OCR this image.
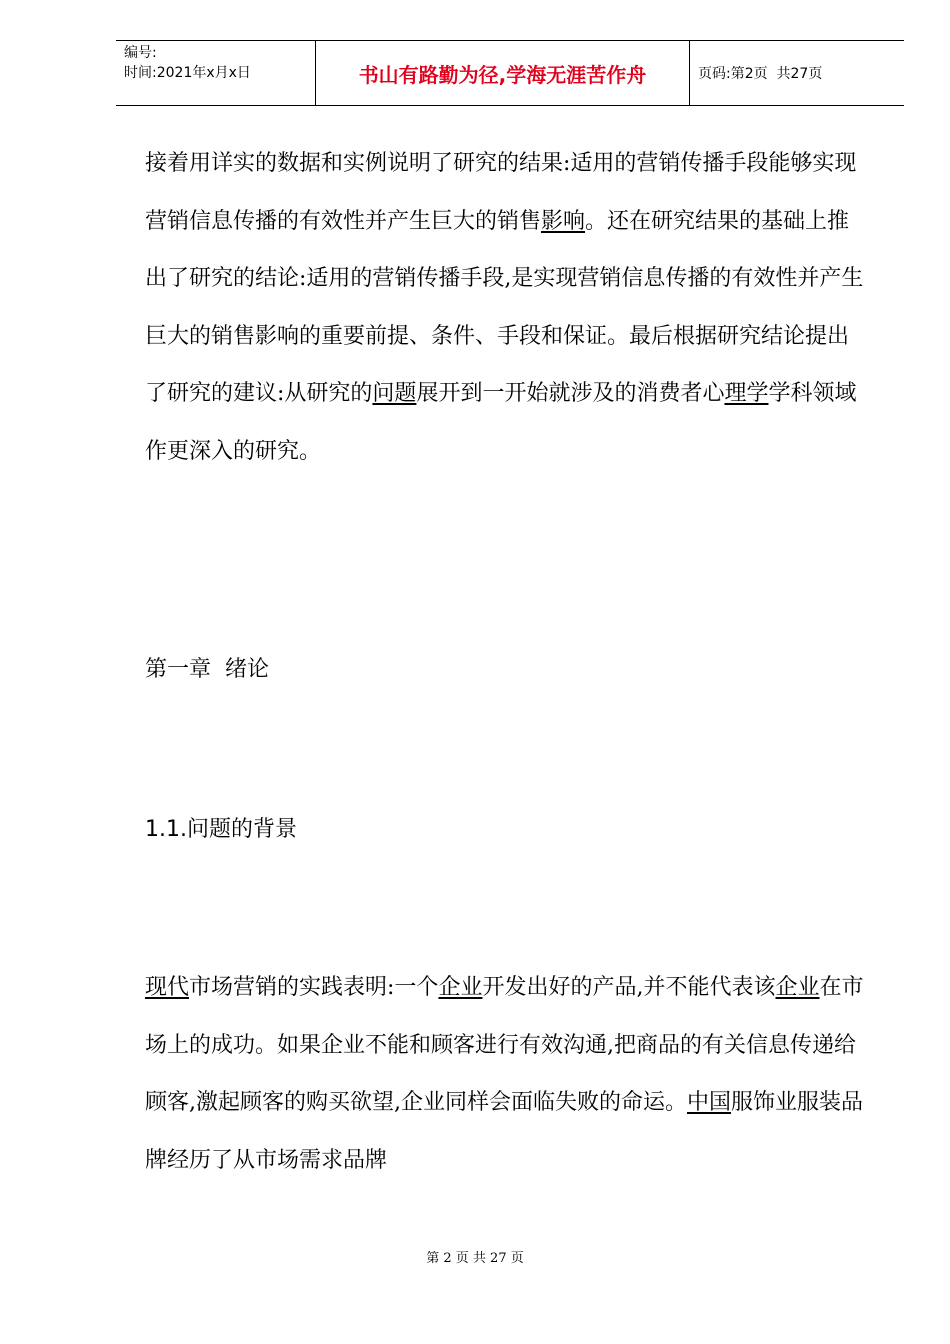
编号:
时间:2021年x月x日	书山有路勤为径,学海无涯苦作舟	页码:第2页  共27页

接着用详实的数据和实例说明了研究的结果:适用的营销传播手段能够实现营销信息传播的有效性并产生巨大的销售影响。还在研究结果的基础上推出了研究的结论:适用的营销传播手段,是实现营销信息传播的有效性并产生巨大的销售影响的重要前提、条件、手段和保证。最后根据研究结论提出了研究的建议:从研究的问题展开到一开始就涉及的消费者心理学学科领域作更深入的研究。

第一章  绪论
1.1.问题的背景

现代市场营销的实践表明:一个企业开发出好的产品,并不能代表该企业在市场上的成功。如果企业不能和顾客进行有效沟通,把商品的有关信息传递给顾客,激起顾客的购买欲望,企业同样会面临失败的命运。中国服饰业服装品牌经历了从市场需求品牌

第 2 页 共 27 页
